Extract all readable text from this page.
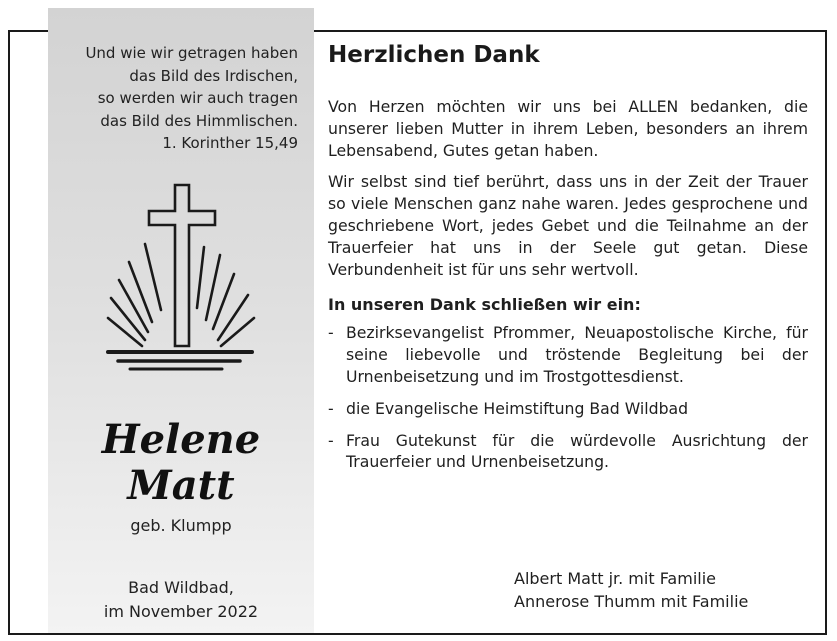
Und wie wir getragen haben
das Bild des Irdischen,
so werden wir auch tragen
das Bild des Himmlischen.
1. Korinther 15,49
Helene
Matt
geb. Klumpp
Bad Wildbad,
im November 2022
Herzlichen Dank

Von Herzen möchten wir uns bei ALLEN bedanken, die unserer lieben Mutter in ihrem Leben, besonders an ihrem Lebensabend, Gutes getan haben.

Wir selbst sind tief berührt, dass uns in der Zeit der Trauer so viele Menschen ganz nahe waren. Jedes gesprochene und geschriebene Wort, jedes Gebet und die Teilnahme an der Trauerfeier hat uns in der Seele gut getan. Diese Verbundenheit ist für uns sehr wertvoll.

In unseren Dank schließen wir ein:

- Bezirksevangelist Pfrommer, Neuapostolische Kirche, für seine liebevolle und tröstende Begleitung bei der Urnenbeisetzung und im Trostgottesdienst.
- die Evangelische Heimstiftung Bad Wildbad
- Frau Gutekunst für die würdevolle Ausrichtung der Trauerfeier und Urnenbeisetzung.
Albert Matt jr. mit Familie
Annerose Thumm mit Familie
